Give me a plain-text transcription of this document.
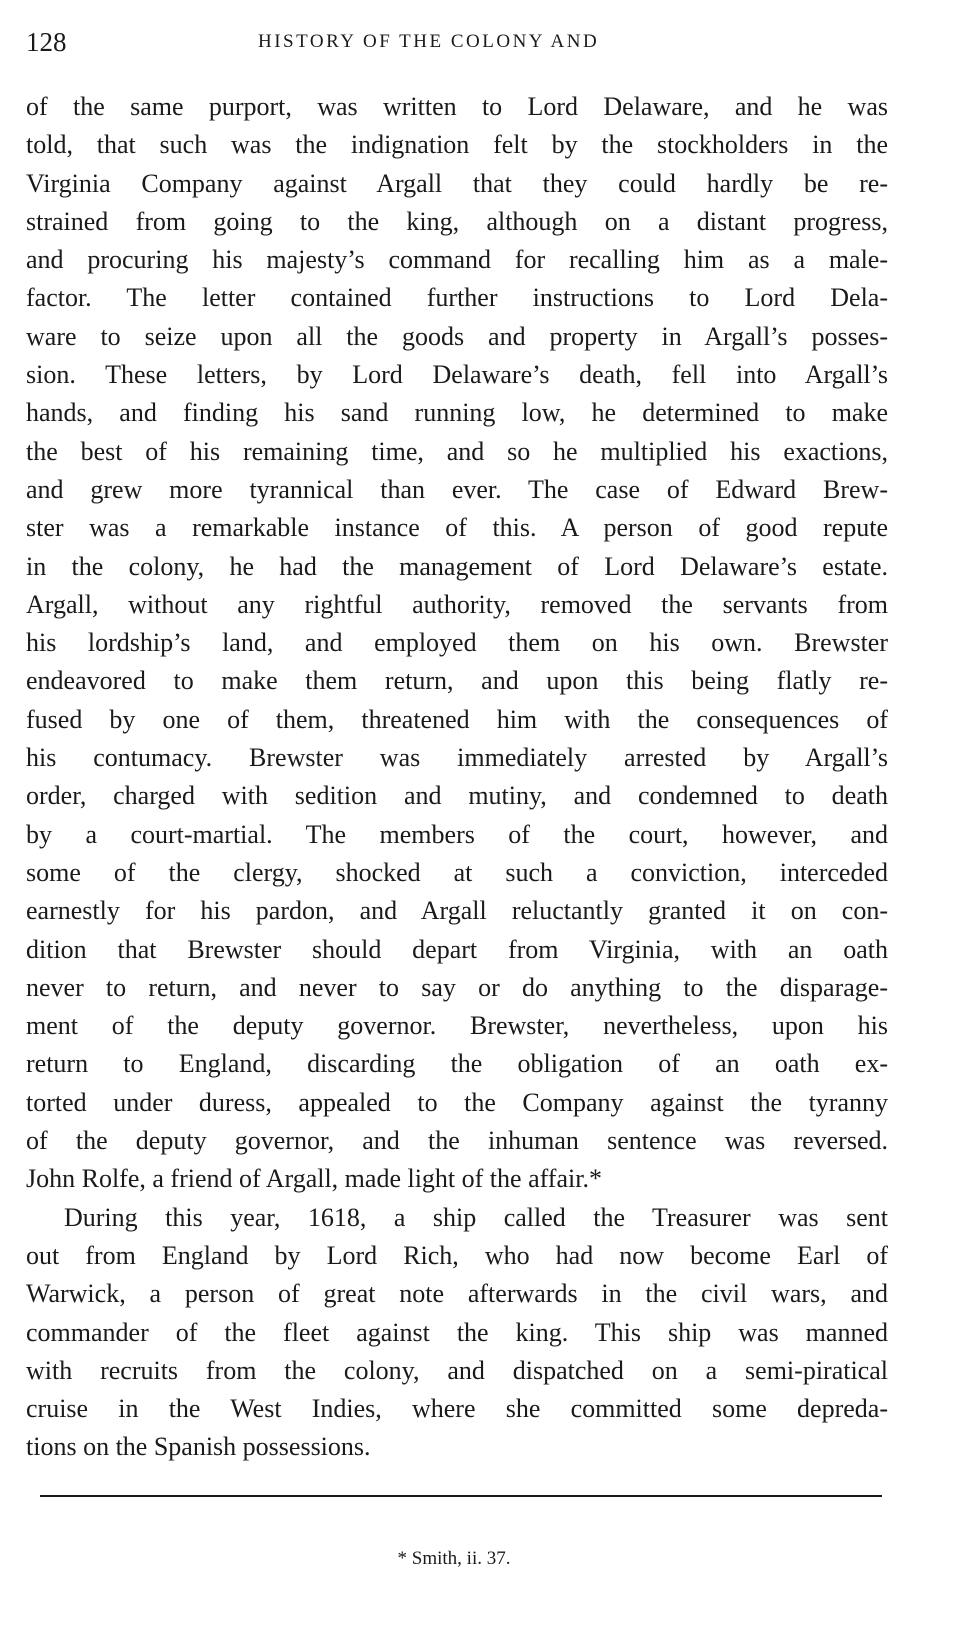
128	HISTORY OF THE COLONY AND
of the same purport, was written to Lord Delaware, and he was
told, that such was the indignation felt by the stockholders in the
Virginia Company against Argall that they could hardly be re-
strained from going to the king, although on a distant progress,
and procuring his majesty’s command for recalling him as a male-
factor. The letter contained further instructions to Lord Dela-
ware to seize upon all the goods and property in Argall’s posses-
sion. These letters, by Lord Delaware’s death, fell into Argall’s
hands, and finding his sand running low, he determined to make
the best of his remaining time, and so he multiplied his exactions,
and grew more tyrannical than ever. The case of Edward Brew-
ster was a remarkable instance of this. A person of good repute
in the colony, he had the management of Lord Delaware’s estate.
Argall, without any rightful authority, removed the servants from
his lordship’s land, and employed them on his own. Brewster
endeavored to make them return, and upon this being flatly re-
fused by one of them, threatened him with the consequences of
his contumacy. Brewster was immediately arrested by Argall’s
order, charged with sedition and mutiny, and condemned to death
by a court-martial. The members of the court, however, and
some of the clergy, shocked at such a conviction, interceded
earnestly for his pardon, and Argall reluctantly granted it on con-
dition that Brewster should depart from Virginia, with an oath
never to return, and never to say or do anything to the disparage-
ment of the deputy governor. Brewster, nevertheless, upon his
return to England, discarding the obligation of an oath ex-
torted under duress, appealed to the Company against the tyranny
of the deputy governor, and the inhuman sentence was reversed.
John Rolfe, a friend of Argall, made light of the affair.*
During this year, 1618, a ship called the Treasurer was sent
out from England by Lord Rich, who had now become Earl of
Warwick, a person of great note afterwards in the civil wars, and
commander of the fleet against the king. This ship was manned
with recruits from the colony, and dispatched on a semi-piratical
cruise in the West Indies, where she committed some depreda-
tions on the Spanish possessions.
* Smith, ii. 37.
